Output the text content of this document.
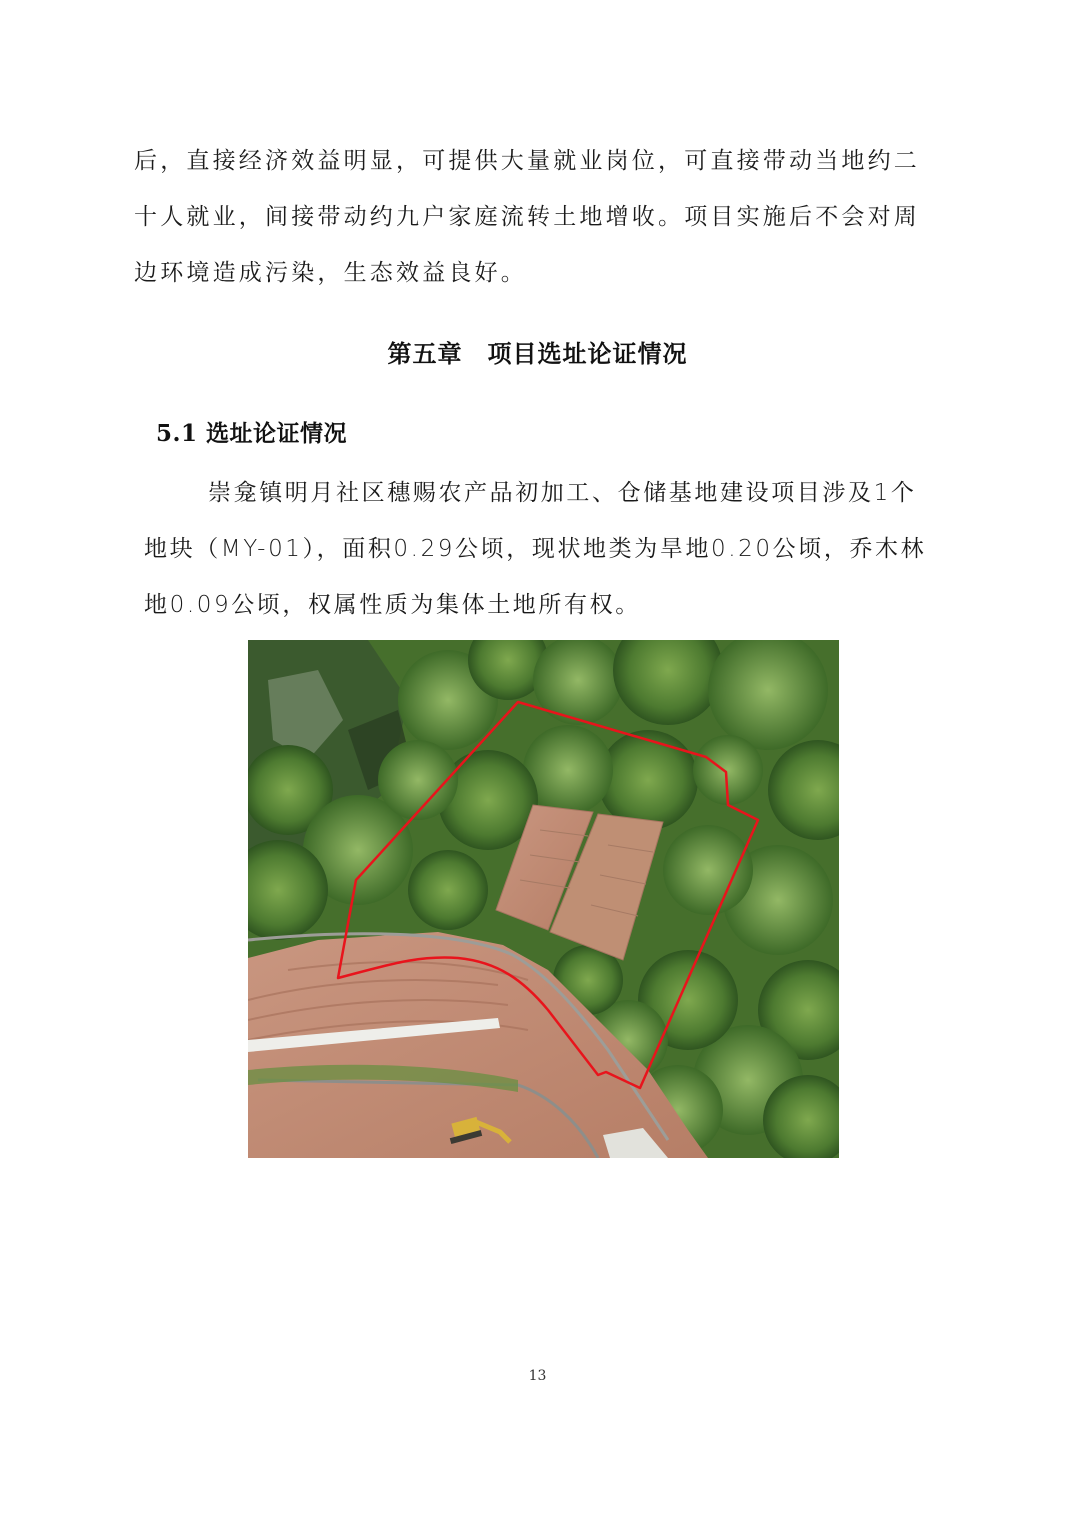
后，直接经济效益明显，可提供大量就业岗位，可直接带动当地约二十人就业，间接带动约九户家庭流转土地增收。项目实施后不会对周边环境造成污染，生态效益良好。

第五章　项目选址论证情况
5.1 选址论证情况

崇龛镇明月社区穗赐农产品初加工、仓储基地建设项目涉及1个地块（MY-01），面积0.29公顷，现状地类为旱地0.20公顷，乔木林地0.09公顷，权属性质为集体土地所有权。

13
